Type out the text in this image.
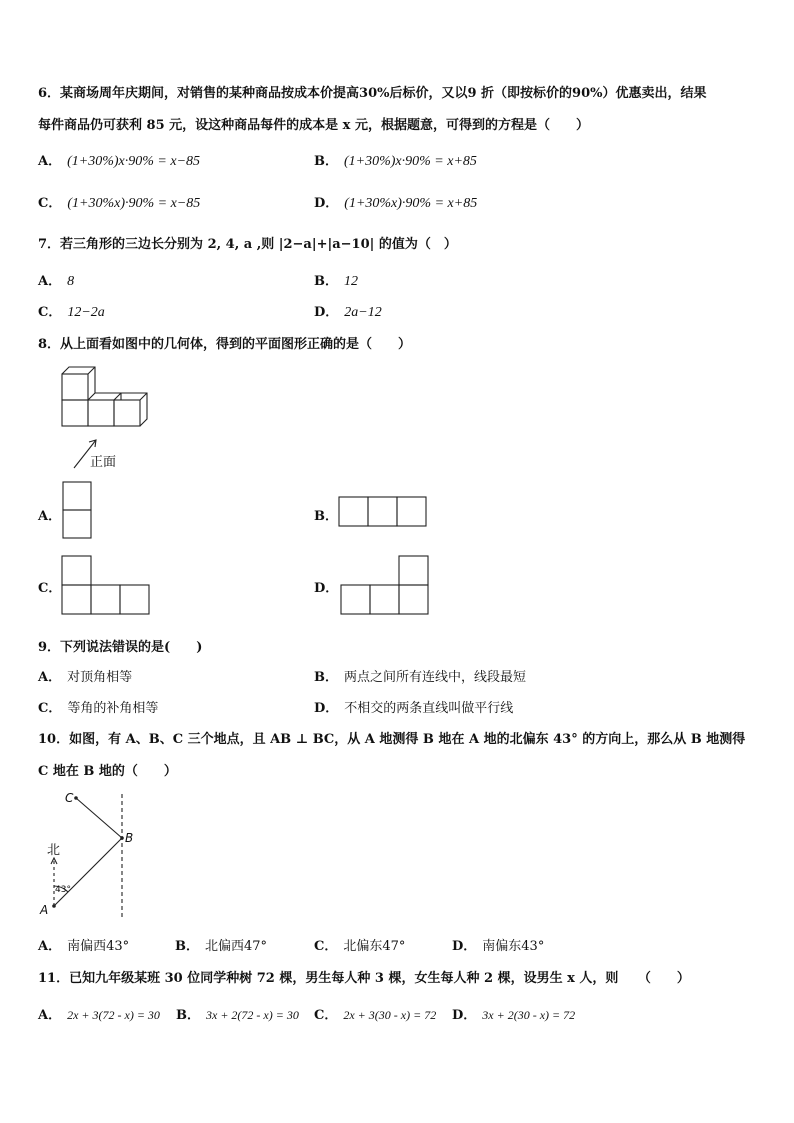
6．某商场周年庆期间，对销售的某种商品按成本价提高30%后标价，又以9 折（即按标价的90%）优惠卖出，结果
每件商品仍可获利 85 元，设这种商品每件的成本是 x 元，根据题意，可得到的方程是（　　）
A． (1+30%)x·90% = x−85	B． (1+30%)x·90% = x+85
C． (1+30%x)·90% = x−85	D． (1+30%x)·90% = x+85
7．若三角形的三边长分别为 2, 4, a ,则 |2−a|+|a−10| 的值为（　）
A． 8	B． 12
C． 12−2a	D． 2a−12
8．从上面看如图中的几何体，得到的平面图形正确的是（　　）
正面
A．	B．
C．	D．
9．下列说法错误的是(　　)
A． 对顶角相等	B． 两点之间所有连线中，线段最短
C． 等角的补角相等	D． 不相交的两条直线叫做平行线
10．如图，有 A、B、C 三个地点，且 AB ⊥ BC，从 A 地测得 B 地在 A 地的北偏东 43° 的方向上，那么从 B 地测得
C 地在 B 地的（　　）
北
43°
A
B
C
A． 南偏西43°	B． 北偏西47°	C． 北偏东47°	D． 南偏东43°
11．已知九年级某班 30 位同学种树 72 棵，男生每人种 3 棵，女生每人种 2 棵，设男生 x 人，则　　（　　）
A． 2x + 3(72 - x) = 30 B． 3x + 2(72 - x) = 30 C． 2x + 3(30 - x) = 72 D． 3x + 2(30 - x) = 72
